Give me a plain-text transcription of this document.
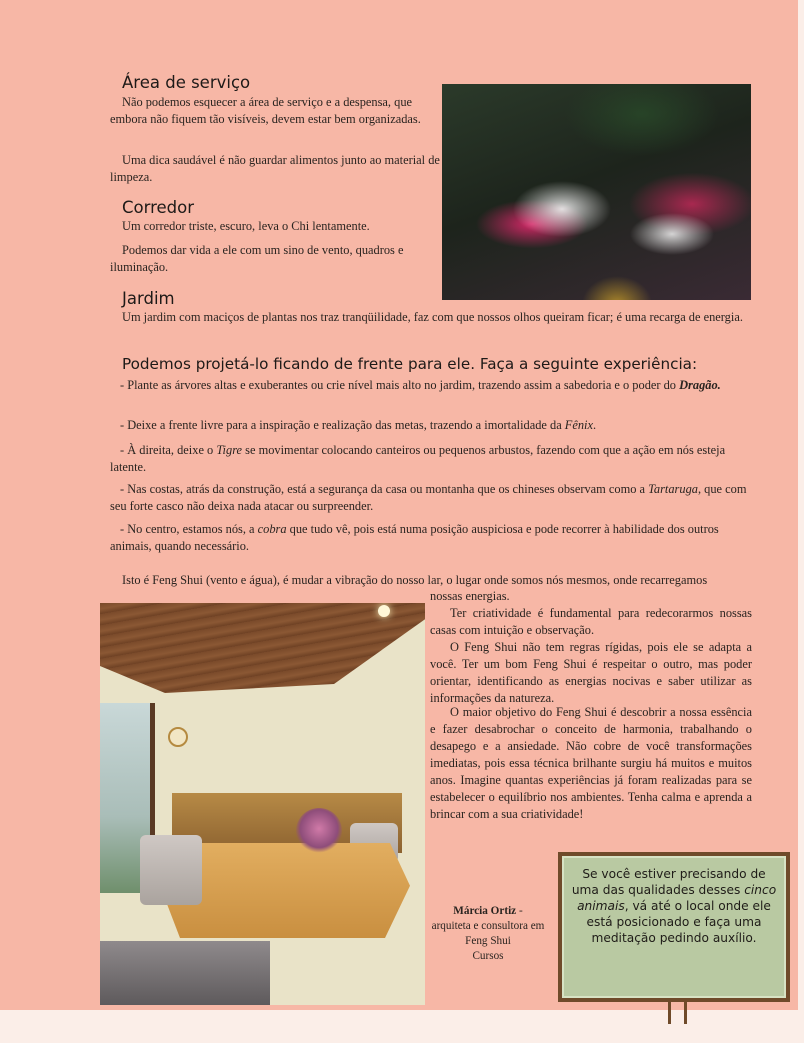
Área de serviço

Não podemos esquecer a área de serviço e a despensa, que embora não fiquem tão visíveis, devem estar bem organizadas.

Uma dica saudável é não guardar alimentos junto ao material de limpeza.

Corredor

Um corredor triste, escuro, leva o Chi lentamente.

Podemos dar vida a ele com um sino de vento, quadros e iluminação.

Jardim

Um jardim com maciços de plantas nos traz tranqüilidade, faz com que nossos olhos queiram ficar; é uma recarga de energia.

Podemos projetá-lo ficando de frente para ele. Faça a seguinte experiência:

- Plante as árvores altas e exuberantes ou crie nível mais alto no jardim, trazendo assim a sabedoria e o poder do Dragão.

- Deixe a frente livre para a inspiração e realização das metas, trazendo a imortalidade da Fênix.

- À direita, deixe o Tigre se movimentar colocando canteiros ou pequenos arbustos, fazendo com que a ação em nós esteja latente.

- Nas costas, atrás da construção, está a segurança da casa ou montanha que os chineses observam como a Tartaruga, que com seu forte casco não deixa nada atacar ou surpreender.

- No centro, estamos nós, a cobra que tudo vê, pois está numa posição auspiciosa e pode recorrer à habilidade dos outros animais, quando necessário.

Isto é Feng Shui (vento e água), é mudar a vibração do nosso lar, o lugar onde somos nós mesmos, onde recarregamos

nossas energias.

Ter criatividade é fundamental para redecorarmos nossas casas com intuição e observação.

O Feng Shui não tem regras rígidas, pois ele se adapta a você. Ter um bom Feng Shui é respeitar o outro, mas poder orientar, identificando as energias nocivas e saber utilizar as informações da natureza.

O maior objetivo do Feng Shui é descobrir a nossa essência e fazer desabrochar o conceito de harmonia, trabalhando o desapego e a ansiedade. Não cobre de você transformações imediatas, pois essa técnica brilhante surgiu há muitos e muitos anos. Imagine quantas experiências já foram realizadas para se estabelecer o equilíbrio nos ambientes. Tenha calma e aprenda a brincar com a sua criatividade!

Márcia Ortiz -
arquiteta e consultora em Feng Shui
Cursos

Se você estiver precisando de uma das qualidades desses cinco animais, vá até o local onde ele está posicionado e faça uma meditação pedindo auxílio.
